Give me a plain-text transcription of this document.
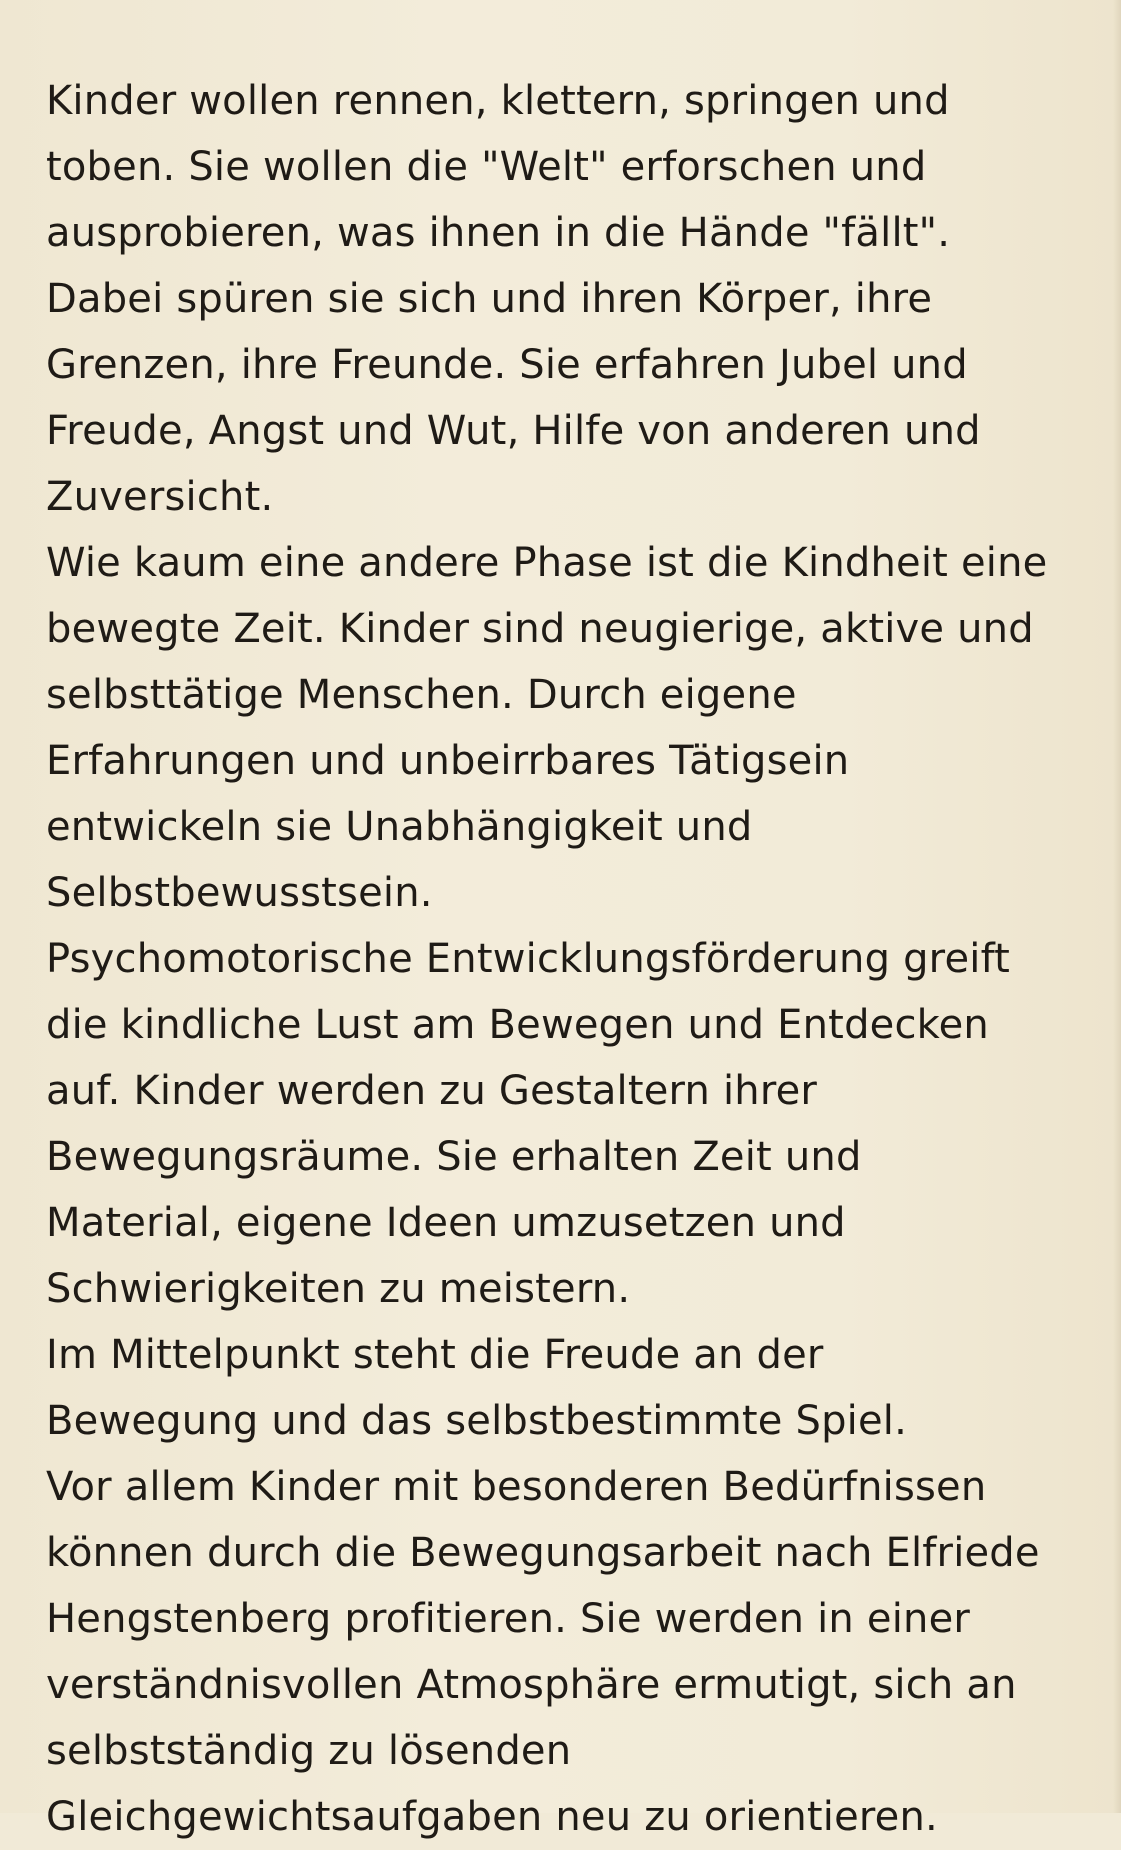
Kinder wollen rennen, klettern, springen und
toben. Sie wollen die "Welt" erforschen und
ausprobieren, was ihnen in die Hände "fällt".
Dabei spüren sie sich und ihren Körper, ihre
Grenzen, ihre Freunde. Sie erfahren Jubel und
Freude, Angst und Wut, Hilfe von anderen und
Zuversicht.
Wie kaum eine andere Phase ist die Kindheit eine
bewegte Zeit. Kinder sind neugierige, aktive und
selbsttätige Menschen. Durch eigene
Erfahrungen und unbeirrbares Tätigsein
entwickeln sie Unabhängigkeit und
Selbstbewusstsein.
Psychomotorische Entwicklungsförderung greift
die kindliche Lust am Bewegen und Entdecken
auf. Kinder werden zu Gestaltern ihrer
Bewegungsräume. Sie erhalten Zeit und
Material, eigene Ideen umzusetzen und
Schwierigkeiten zu meistern.
Im Mittelpunkt steht die Freude an der
Bewegung und das selbstbestimmte Spiel.
Vor allem Kinder mit besonderen Bedürfnissen
können durch die Bewegungsarbeit nach Elfriede
Hengstenberg profitieren. Sie werden in einer
verständnisvollen Atmosphäre ermutigt, sich an
selbstständig zu lösenden
Gleichgewichtsaufgaben neu zu orientieren.
